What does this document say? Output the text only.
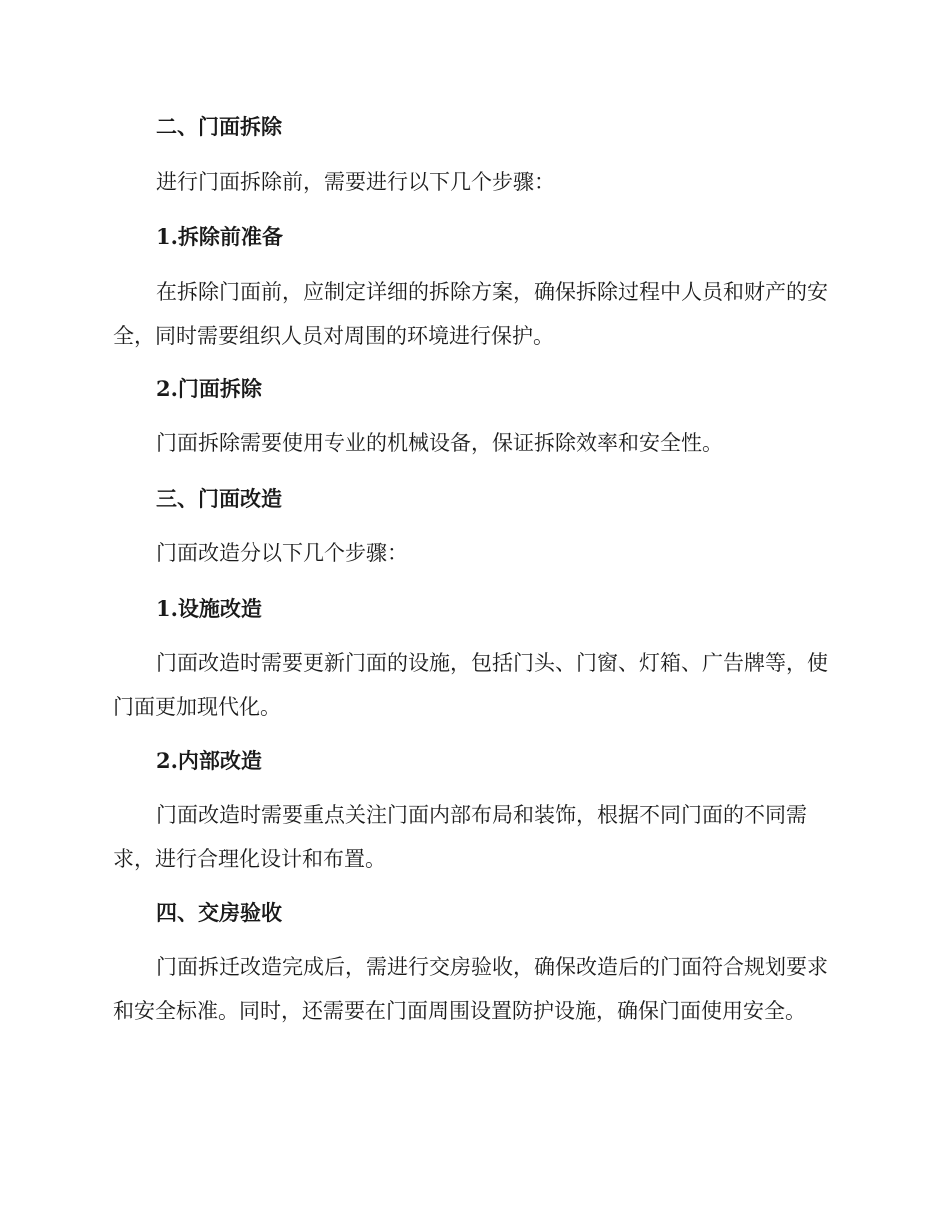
二、门面拆除
进行门面拆除前，需要进行以下几个步骤：
1.拆除前准备
在拆除门面前，应制定详细的拆除方案，确保拆除过程中人员和财产的安全，同时需要组织人员对周围的环境进行保护。
2.门面拆除
门面拆除需要使用专业的机械设备，保证拆除效率和安全性。
三、门面改造
门面改造分以下几个步骤：
1.设施改造
门面改造时需要更新门面的设施，包括门头、门窗、灯箱、广告牌等，使门面更加现代化。
2.内部改造
门面改造时需要重点关注门面内部布局和装饰，根据不同门面的不同需求，进行合理化设计和布置。
四、交房验收
门面拆迁改造完成后，需进行交房验收，确保改造后的门面符合规划要求和安全标准。同时，还需要在门面周围设置防护设施，确保门面使用安全。
